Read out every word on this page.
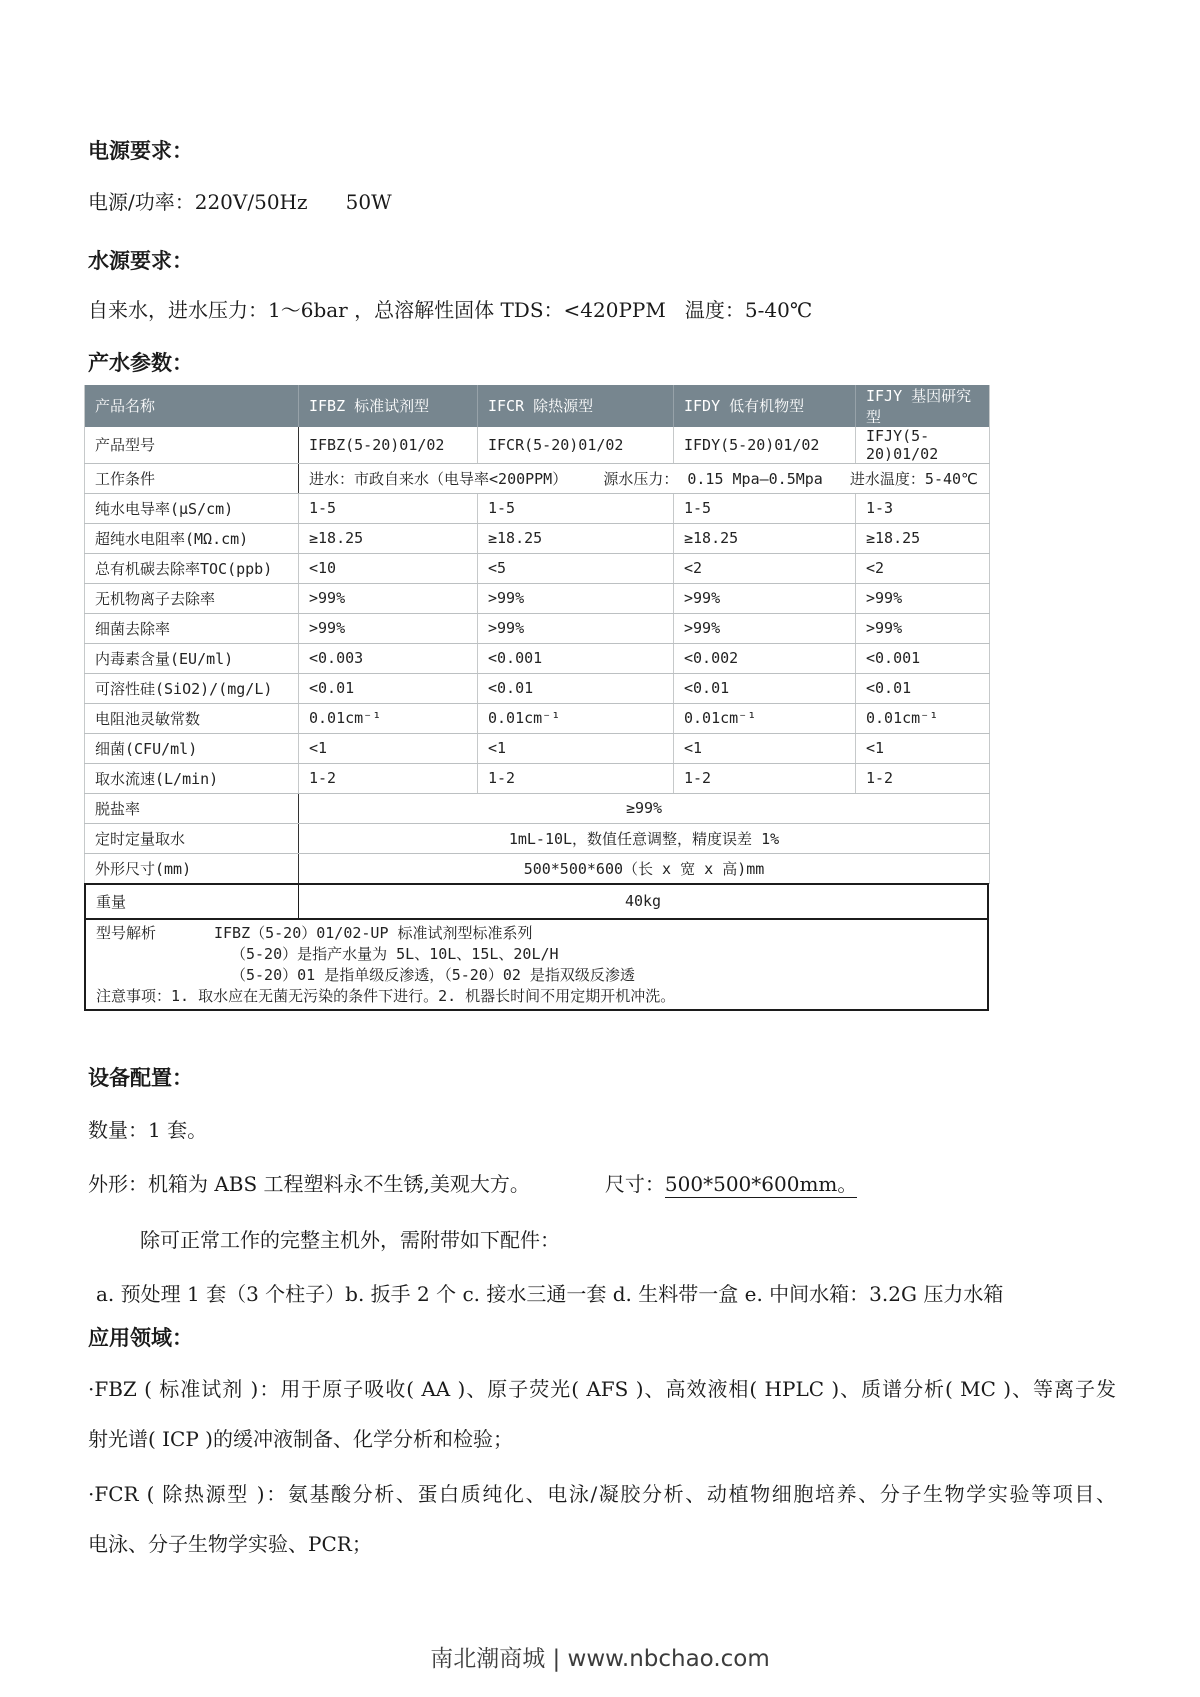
电源要求：
电源/功率：220V/50Hz      50W
水源要求：
自来水，进水压力：1～6bar ，总溶解性固体 TDS：<420PPM   温度：5-40℃
产水参数：
产品名称	IFBZ 标准试剂型	IFCR 除热源型	IFDY 低有机物型	IFJY 基因研究型
产品型号	IFBZ(5-20)01/02	IFCR(5-20)01/02	IFDY(5-20)01/02	IFJY(5-20)01/02
工作条件	进水：市政自来水（电导率<200PPM）    源水压力： 0.15 Mpa—0.5Mpa   进水温度：5-40℃			
纯水电导率(μS/cm)	1-5	1-5	1-5	1-3
超纯水电阻率(MΩ.cm)	≥18.25	≥18.25	≥18.25	≥18.25
总有机碳去除率TOC(ppb)	<10	<5	<2	<2
无机物离子去除率	>99%	>99%	>99%	>99%
细菌去除率	>99%	>99%	>99%	>99%
内毒素含量(EU/ml)	<0.003	<0.001	<0.002	<0.001
可溶性硅(SiO2)/(mg/L)	<0.01	<0.01	<0.01	<0.01
电阻池灵敏常数	0.01cm⁻¹	0.01cm⁻¹	0.01cm⁻¹	0.01cm⁻¹
细菌(CFU/ml)	<1	<1	<1	<1
取水流速(L/min)	1-2	1-2	1-2	1-2
脱盐率	≥99%			
定时定量取水	1mL-10L，数值任意调整，精度误差 1%			
外形尺寸(mm)	500*500*600（长 x 宽 x 高)mm			
重量	40kg
型号解析	IFBZ（5-20）01/02-UP 标准试剂型标准系列
（5-20）是指产水量为 5L、10L、15L、20L/H
（5-20）01 是指单级反渗透，（5-20）02 是指双级反渗透
注意事项：1. 取水应在无菌无污染的条件下进行。2. 机器长时间不用定期开机冲洗。
设备配置：
数量：1 套。
外形：机箱为 ABS 工程塑料永不生锈,美观大方。	尺寸：500*500*600mm。
除可正常工作的完整主机外，需附带如下配件：
a. 预处理 1 套（3 个柱子）b. 扳手 2 个 c. 接水三通一套 d. 生料带一盒 e. 中间水箱：3.2G 压力水箱
应用领域：
·FBZ ( 标准试剂 )：用于原子吸收( AA )、原子荧光( AFS )、高效液相( HPLC )、质谱分析( MC )、等离子发
射光谱( ICP )的缓冲液制备、化学分析和检验；
·FCR ( 除热源型 )：氨基酸分析、蛋白质纯化、电泳/凝胶分析、动植物细胞培养、分子生物学实验等项目、
电泳、分子生物学实验、PCR；
南北潮商城 | www.nbchao.com
